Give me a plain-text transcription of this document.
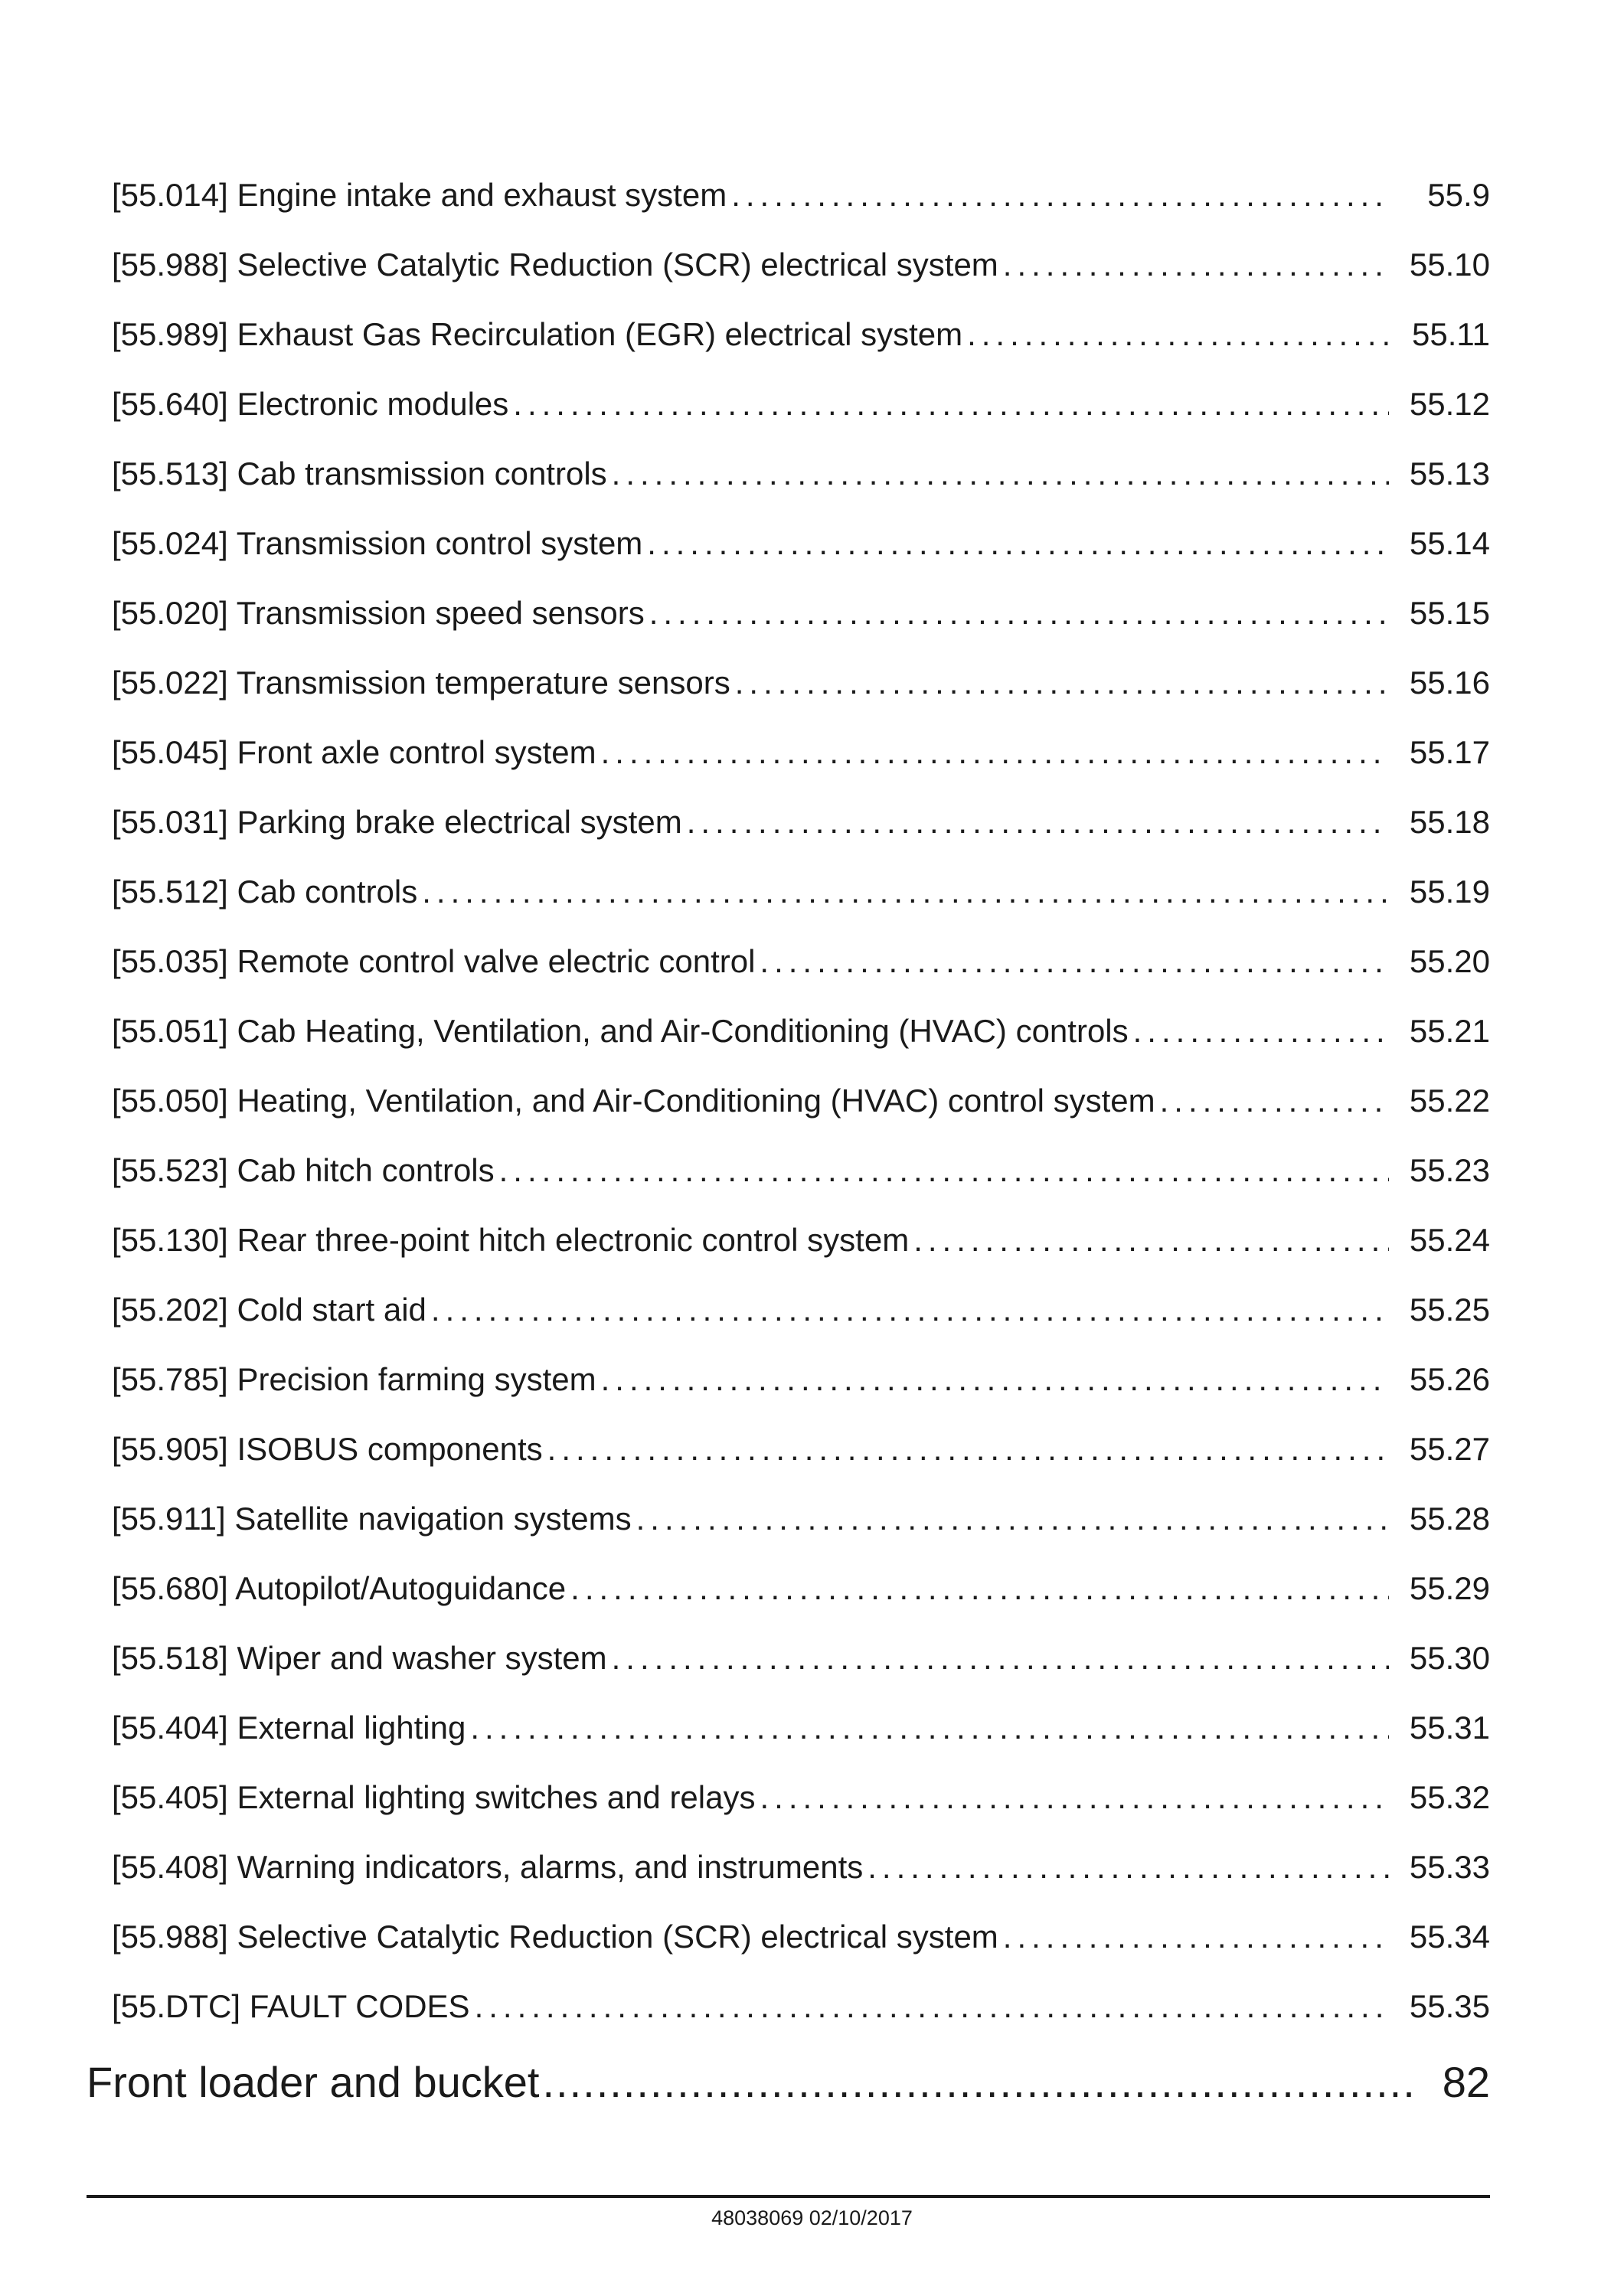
[55.014] Engine intake and exhaust system .....	55.9
[55.988] Selective Catalytic Reduction (SCR) electrical system .....	55.10
[55.989] Exhaust Gas Recirculation (EGR) electrical system .....	55.11
[55.640] Electronic modules .....	55.12
[55.513] Cab transmission controls .....	55.13
[55.024] Transmission control system .....	55.14
[55.020] Transmission speed sensors .....	55.15
[55.022] Transmission temperature sensors .....	55.16
[55.045] Front axle control system .....	55.17
[55.031] Parking brake electrical system .....	55.18
[55.512] Cab controls .....	55.19
[55.035] Remote control valve electric control .....	55.20
[55.051] Cab Heating, Ventilation, and Air-Conditioning (HVAC) controls .....	55.21
[55.050] Heating, Ventilation, and Air-Conditioning (HVAC) control system .....	55.22
[55.523] Cab hitch controls .....	55.23
[55.130] Rear three-point hitch electronic control system .....	55.24
[55.202] Cold start aid .....	55.25
[55.785] Precision farming system .....	55.26
[55.905] ISOBUS components .....	55.27
[55.911] Satellite navigation systems .....	55.28
[55.680] Autopilot/Autoguidance .....	55.29
[55.518] Wiper and washer system .....	55.30
[55.404] External lighting .....	55.31
[55.405] External lighting switches and relays .....	55.32
[55.408] Warning indicators, alarms, and instruments .....	55.33
[55.988] Selective Catalytic Reduction (SCR) electrical system .....	55.34
[55.DTC] FAULT CODES .....	55.35
Front loader and bucket .....	82
48038069 02/10/2017
